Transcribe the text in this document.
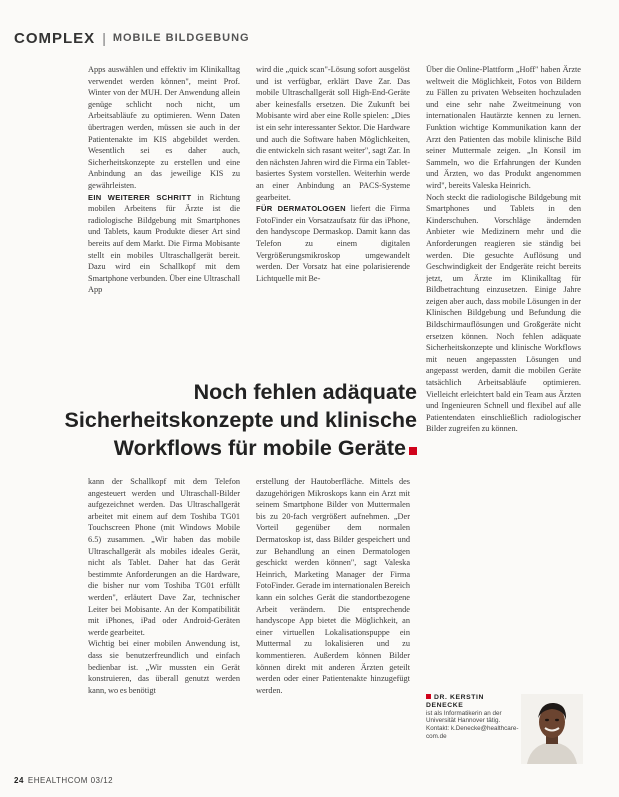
COMPLEX | MOBILE BILDGEBUNG

Apps auswählen und effektiv im Klinikalltag verwendet werden können", meint Prof. Winter von der MUH. Der Anwendung allein genüge schlicht noch nicht, um Arbeitsabläufe zu optimieren. Wenn Daten übertragen werden, müssen sie auch in der Patientenakte im KIS abgebildet werden. Wesentlich sei es daher auch, Sicherheitskonzepte zu erstellen und eine Anbindung an das jeweilige KIS zu gewährleisten.

EIN WEITERER SCHRITT in Richtung mobilen Arbeitens für Ärzte ist die radiologische Bildgebung mit Smartphones und Tablets, kaum Produkte dieser Art sind bereits auf dem Markt. Die Firma Mobisante stellt ein mobiles Ultraschallgerät bereit. Dazu wird ein Schallkopf mit dem Smartphone verbunden. Über eine Ultraschall App

wird die „quick scan"-Lösung sofort ausgelöst und ist verfügbar, erklärt Dave Zar. Das mobile Ultraschallgerät soll High-End-Geräte aber keinesfalls ersetzen. Die Zukunft bei Mobisante wird aber eine Rolle spielen: „Dies ist ein sehr interessanter Sektor. Die Hardware und auch die Software haben Möglichkeiten, die entwickeln sich rasant weiter", sagt Zar. In den nächsten Jahren wird die Firma ein Tablet-basiertes System vorstellen. Weiterhin werde an einer Anbindung an PACS-Systeme gearbeitet.

FÜR DERMATOLOGEN liefert die Firma FotoFinder ein Vorsatzaufsatz für das iPhone, den handyscope Dermaskop. Damit kann das Telefon zu einem digitalen Vergrößerungsmikroskop umgewandelt werden. Der Vorsatz hat eine polarisierende Lichtquelle mit Be-

Über die Online-Plattform „Hoff" haben Ärzte weltweit die Möglichkeit, Fotos von Bildern zu Fällen zu privaten Webseiten hochzuladen und eine sehr nahe Zweitmeinung von internationalen Hautärzte kennen zu lernen. Funktion wichtige Kommunikation kann der Arzt den Patienten das mobile klinische Bild seiner Muttermale zeigen. „In Konsil im Sammeln, wo die Erfahrungen der Kunden und Ärzten, wo das Produkt angenommen wird", bereits Valeska Heinrich.

Noch steckt die radiologische Bildgebung mit Smartphones und Tablets in den Kinderschuhen. Vorschläge ändernden Anbieter wie Medizinern mehr und die Anforderungen reagieren sie ständig bei werden. Die gesuchte Auflösung und Geschwindigkeit der Endgeräte reicht bereits jetzt, um Ärzte im Klinikalltag für Bildbetrachtung einzusetzen. Einige Jahre zeigen aber auch, dass mobile Lösungen in der Klinischen Bildgebung und Befundung die Bildschirmauflösungen und Großgeräte nicht ersetzen können. Noch fehlen adäquate Sicherheitskonzepte und klinische Workflows mit neuen angepassten Lösungen und angepasst werden, damit die mobilen Geräte tatsächlich Arbeitsabläufe optimieren. Vielleicht erleichtert bald ein Team aus Ärzten und Ingenieuren Schnell und flexibel auf alle Patientendaten einschließlich radiologischer Bilder zugreifen zu können.

Noch fehlen adäquate Sicherheitskonzepte und klinische Workflows für mobile Geräte

kann der Schallkopf mit dem Telefon angesteuert werden und Ultraschall-Bilder aufgezeichnet werden. Das Ultraschallgerät arbeitet mit einem auf dem Toshiba TG01 Touchscreen Phone (mit Windows Mobile 6.5) zusammen. „Wir haben das mobile Ultraschallgerät als mobiles ideales Gerät, nicht als Tablet. Daher hat das Gerät bestimmte Anforderungen an die Hardware, die bisher nur vom Toshiba TG01 erfüllt werden", erläutert Dave Zar, technischer Leiter bei Mobisante. An der Kompatibilität mit iPhones, iPad oder Android-Geräten werde gearbeitet.

Wichtig bei einer mobilen Anwendung ist, dass sie benutzerfreundlich und einfach bedienbar ist. „Wir mussten ein Gerät konstruieren, das überall genutzt werden kann, wo es benötigt

erstellung der Hautoberfläche. Mittels des dazugehörigen Mikroskops kann ein Arzt mit seinem Smartphone Bilder von Muttermalen bis zu 20-fach vergrößert aufnehmen. „Der Vorteil gegenüber dem normalen Dermatoskop ist, dass Bilder gespeichert und zur Behandlung an einen Dermatologen geschickt werden können", sagt Valeska Heinrich, Marketing Manager der Firma FotoFinder. Gerade im internationalen Bereich kann ein solches Gerät die standortbezogene Arbeit verändern. Die entsprechende handyscope App bietet die Möglichkeit, an einer virtuellen Lokalisationspuppe ein Muttermal zu lokalisieren und zu kommentieren. Außerdem können Bilder können direkt mit anderen Ärzten geteilt werden oder einer Patientenakte hinzugefügt werden.

DR. KERSTIN DENECKE
ist als Informatikerin an der Universität Hannover tätig.
Kontakt: k.Denecke@healthcare-com.de
24 EHEALTHCOM 03/12
